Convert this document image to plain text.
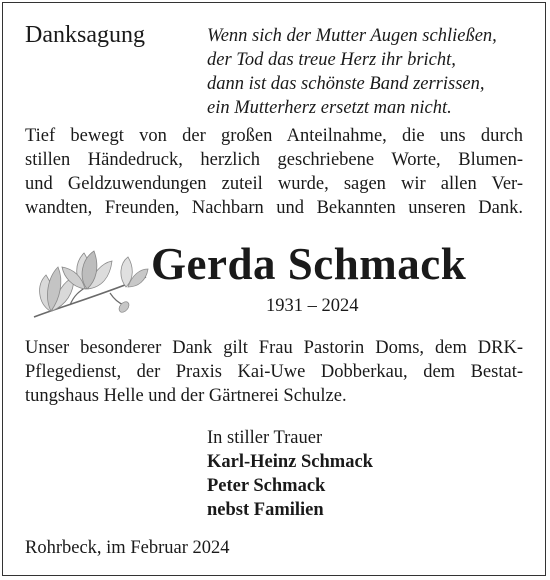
Danksagung	Wenn sich der Mutter Augen schließen,
der Tod das treue Herz ihr bricht,
dann ist das schönste Band zerrissen,
ein Mutterherz ersetzt man nicht.
Tief bewegt von der großen Anteilnahme, die uns durch
stillen Händedruck, herzlich geschriebene Worte, Blumen-
und Geldzuwendungen zuteil wurde, sagen wir allen Ver-
wandten, Freunden, Nachbarn und Bekannten unseren Dank.
Gerda Schmack
1931 – 2024
Unser besonderer Dank gilt Frau Pastorin Doms, dem DRK-
Pflegedienst, der Praxis Kai-Uwe Dobberkau, dem Bestat-
tungshaus Helle und der Gärtnerei Schulze.
In stiller Trauer
Karl-Heinz Schmack
Peter Schmack
nebst Familien
Rohrbeck, im Februar 2024
